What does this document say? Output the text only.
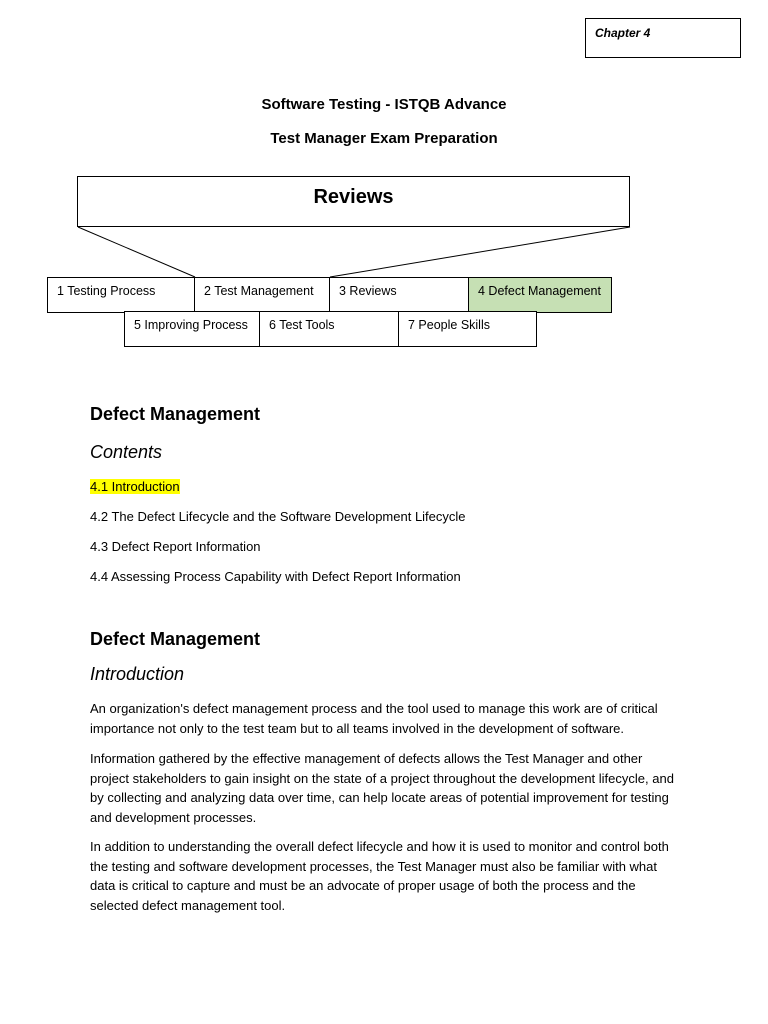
Chapter 4
Software Testing - ISTQB Advance
Test Manager Exam Preparation
Reviews
1 Testing Process	2 Test Management	3 Reviews	4 Defect Management
5 Improving Process	6 Test Tools	7 People Skills
Defect Management
Contents
4.1 Introduction
4.2 The Defect Lifecycle and the Software Development Lifecycle
4.3 Defect Report Information
4.4 Assessing Process Capability with Defect Report Information
Defect Management
Introduction
An organization's defect management process and the tool used to manage this work are of critical importance not only to the test team but to all teams involved in the development of software.
Information gathered by the effective management of defects allows the Test Manager and other project stakeholders to gain insight on the state of a project throughout the development lifecycle, and by collecting and analyzing data over time, can help locate areas of potential improvement for testing and development processes.
In addition to understanding the overall defect lifecycle and how it is used to monitor and control both the testing and software development processes, the Test Manager must also be familiar with what data is critical to capture and must be an advocate of proper usage of both the process and the selected defect management tool.
